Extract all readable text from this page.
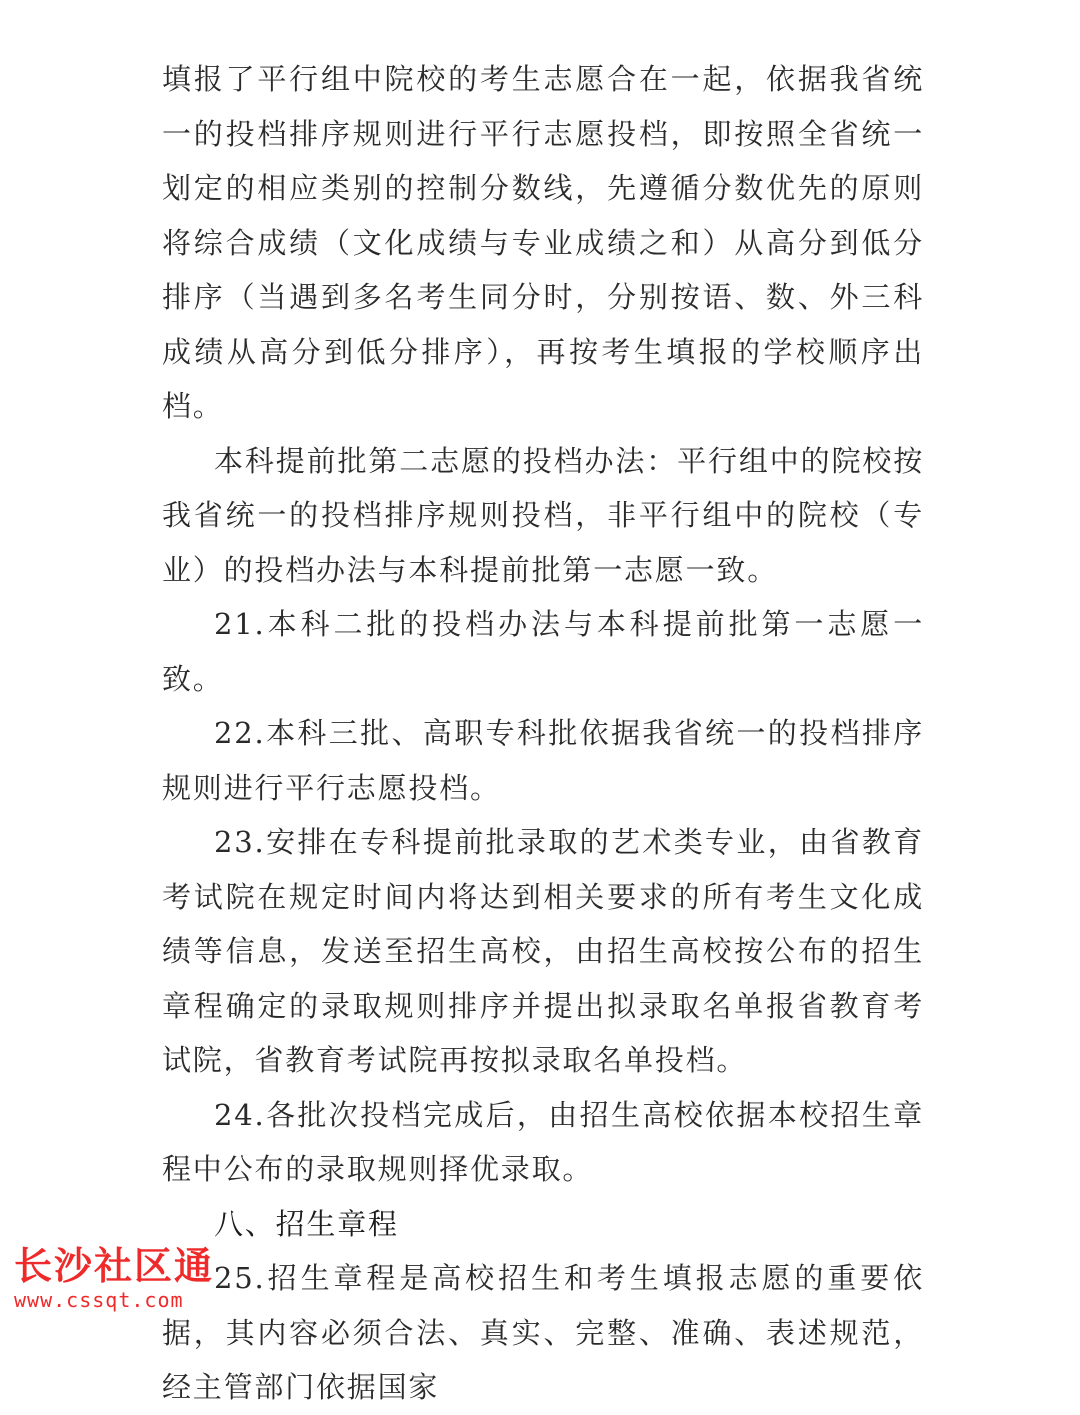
填报了平行组中院校的考生志愿合在一起，依据我省统一的投档排序规则进行平行志愿投档，即按照全省统一划定的相应类别的控制分数线，先遵循分数优先的原则将综合成绩（文化成绩与专业成绩之和）从高分到低分排序（当遇到多名考生同分时，分别按语、数、外三科成绩从高分到低分排序），再按考生填报的学校顺序出档。

本科提前批第二志愿的投档办法：平行组中的院校按我省统一的投档排序规则投档，非平行组中的院校（专业）的投档办法与本科提前批第一志愿一致。

21.本科二批的投档办法与本科提前批第一志愿一致。

22.本科三批、高职专科批依据我省统一的投档排序规则进行平行志愿投档。

23.安排在专科提前批录取的艺术类专业，由省教育考试院在规定时间内将达到相关要求的所有考生文化成绩等信息，发送至招生高校，由招生高校按公布的招生章程确定的录取规则排序并提出拟录取名单报省教育考试院，省教育考试院再按拟录取名单投档。

24.各批次投档完成后，由招生高校依据本校招生章程中公布的录取规则择优录取。

八、招生章程

25.招生章程是高校招生和考生填报志愿的重要依据，其内容必须合法、真实、完整、准确、表述规范，经主管部门依据国家

长沙社区通
www.cssqt.com
